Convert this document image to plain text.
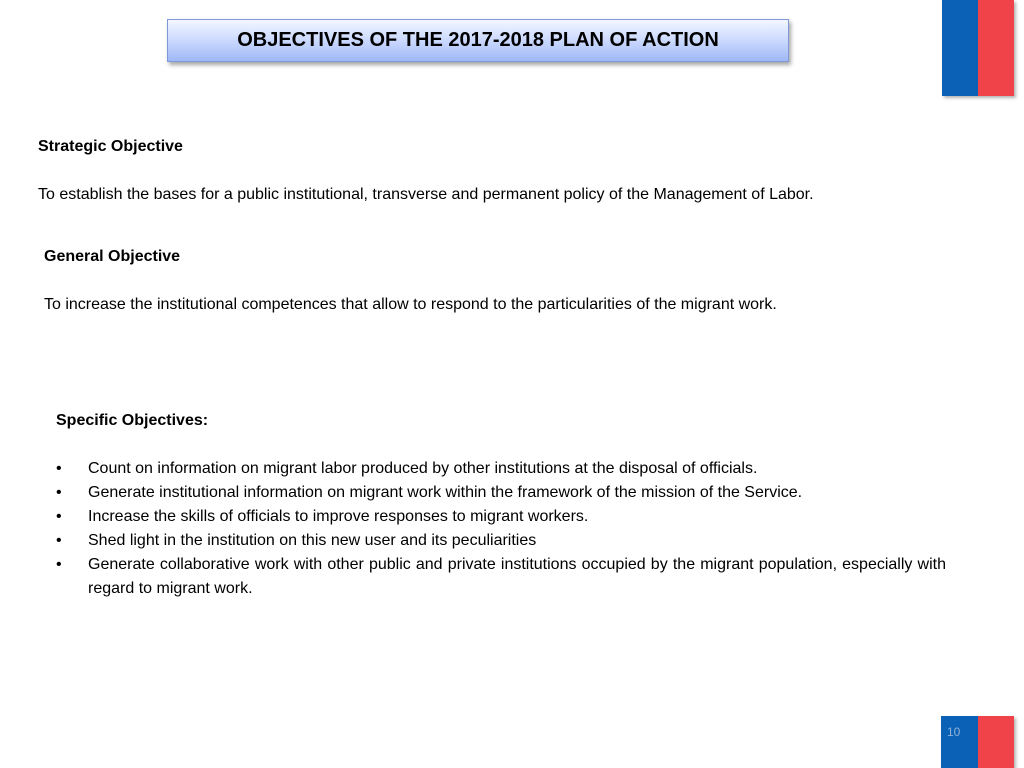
OBJECTIVES OF THE 2017-2018 PLAN OF ACTION

Strategic Objective

To establish the bases for a public institutional, transverse and permanent policy of the Management of Labor.

General Objective

To increase the institutional competences that allow to respond to the particularities of the migrant work.

Specific Objectives:

• Count on information on migrant labor produced by other institutions at the disposal of officials.
• Generate institutional information on migrant work within the framework of the mission of the Service.
• Increase the skills of officials to improve responses to migrant workers.
• Shed light in the institution on this new user and its peculiarities
• Generate collaborative work with other public and private institutions occupied by the migrant population, especially with regard to migrant work.
10
